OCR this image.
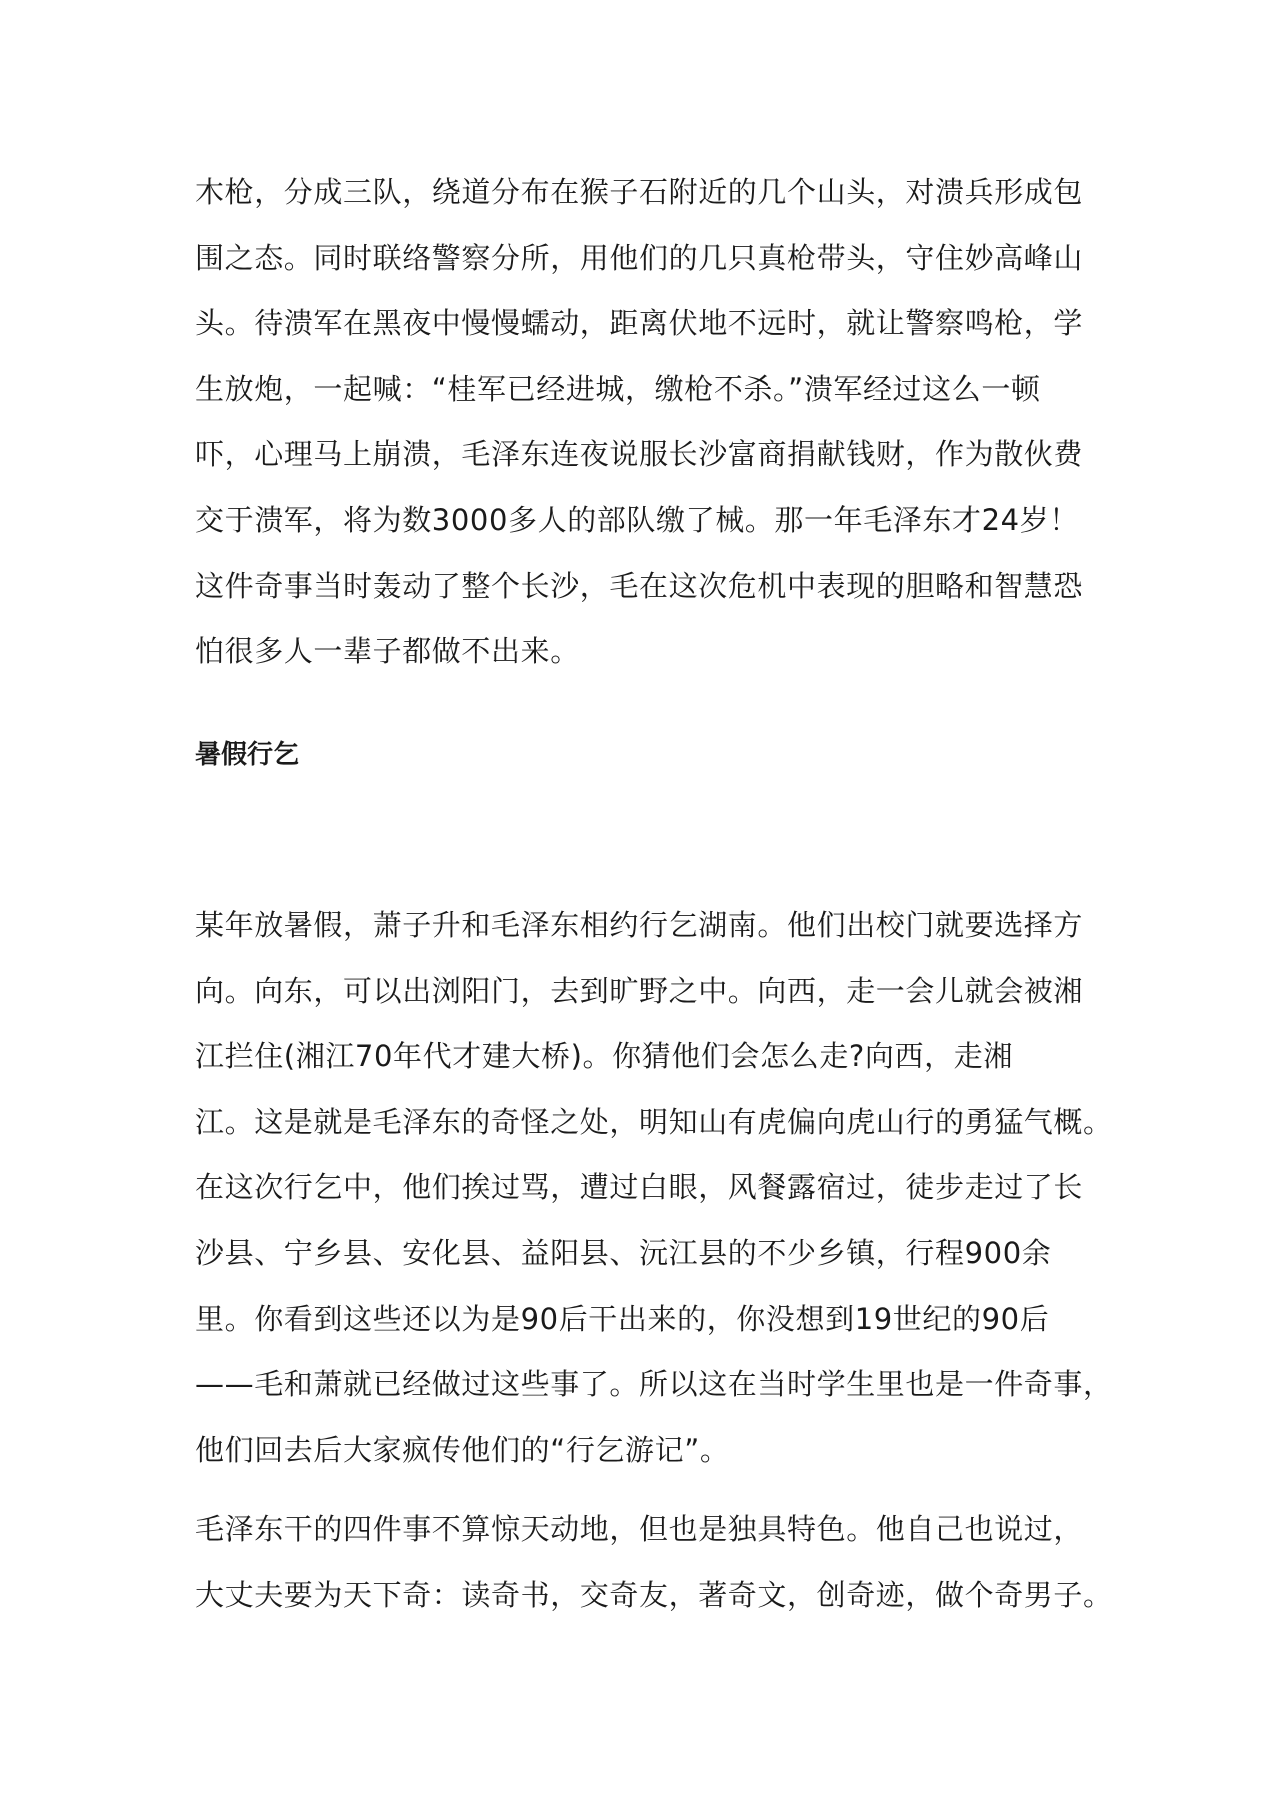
木枪，分成三队，绕道分布在猴子石附近的几个山头，对溃兵形成包
围之态。同时联络警察分所，用他们的几只真枪带头，守住妙高峰山
头。待溃军在黑夜中慢慢蠕动，距离伏地不远时，就让警察鸣枪，学
生放炮，一起喊：“桂军已经进城，缴枪不杀。”溃军经过这么一顿
吓，心理马上崩溃，毛泽东连夜说服长沙富商捐献钱财，作为散伙费
交于溃军，将为数3000多人的部队缴了械。那一年毛泽东才24岁！
这件奇事当时轰动了整个长沙，毛在这次危机中表现的胆略和智慧恐
怕很多人一辈子都做不出来。

暑假行乞

某年放暑假，萧子升和毛泽东相约行乞湖南。他们出校门就要选择方
向。向东，可以出浏阳门，去到旷野之中。向西，走一会儿就会被湘
江拦住(湘江70年代才建大桥)。你猜他们会怎么走?向西，走湘
江。这是就是毛泽东的奇怪之处，明知山有虎偏向虎山行的勇猛气概。
在这次行乞中，他们挨过骂，遭过白眼，风餐露宿过，徒步走过了长
沙县、宁乡县、安化县、益阳县、沅江县的不少乡镇，行程900余
里。你看到这些还以为是90后干出来的，你没想到19世纪的90后
——毛和萧就已经做过这些事了。所以这在当时学生里也是一件奇事，
他们回去后大家疯传他们的“行乞游记”。

毛泽东干的四件事不算惊天动地，但也是独具特色。他自己也说过，
大丈夫要为天下奇：读奇书，交奇友，著奇文，创奇迹，做个奇男子。
